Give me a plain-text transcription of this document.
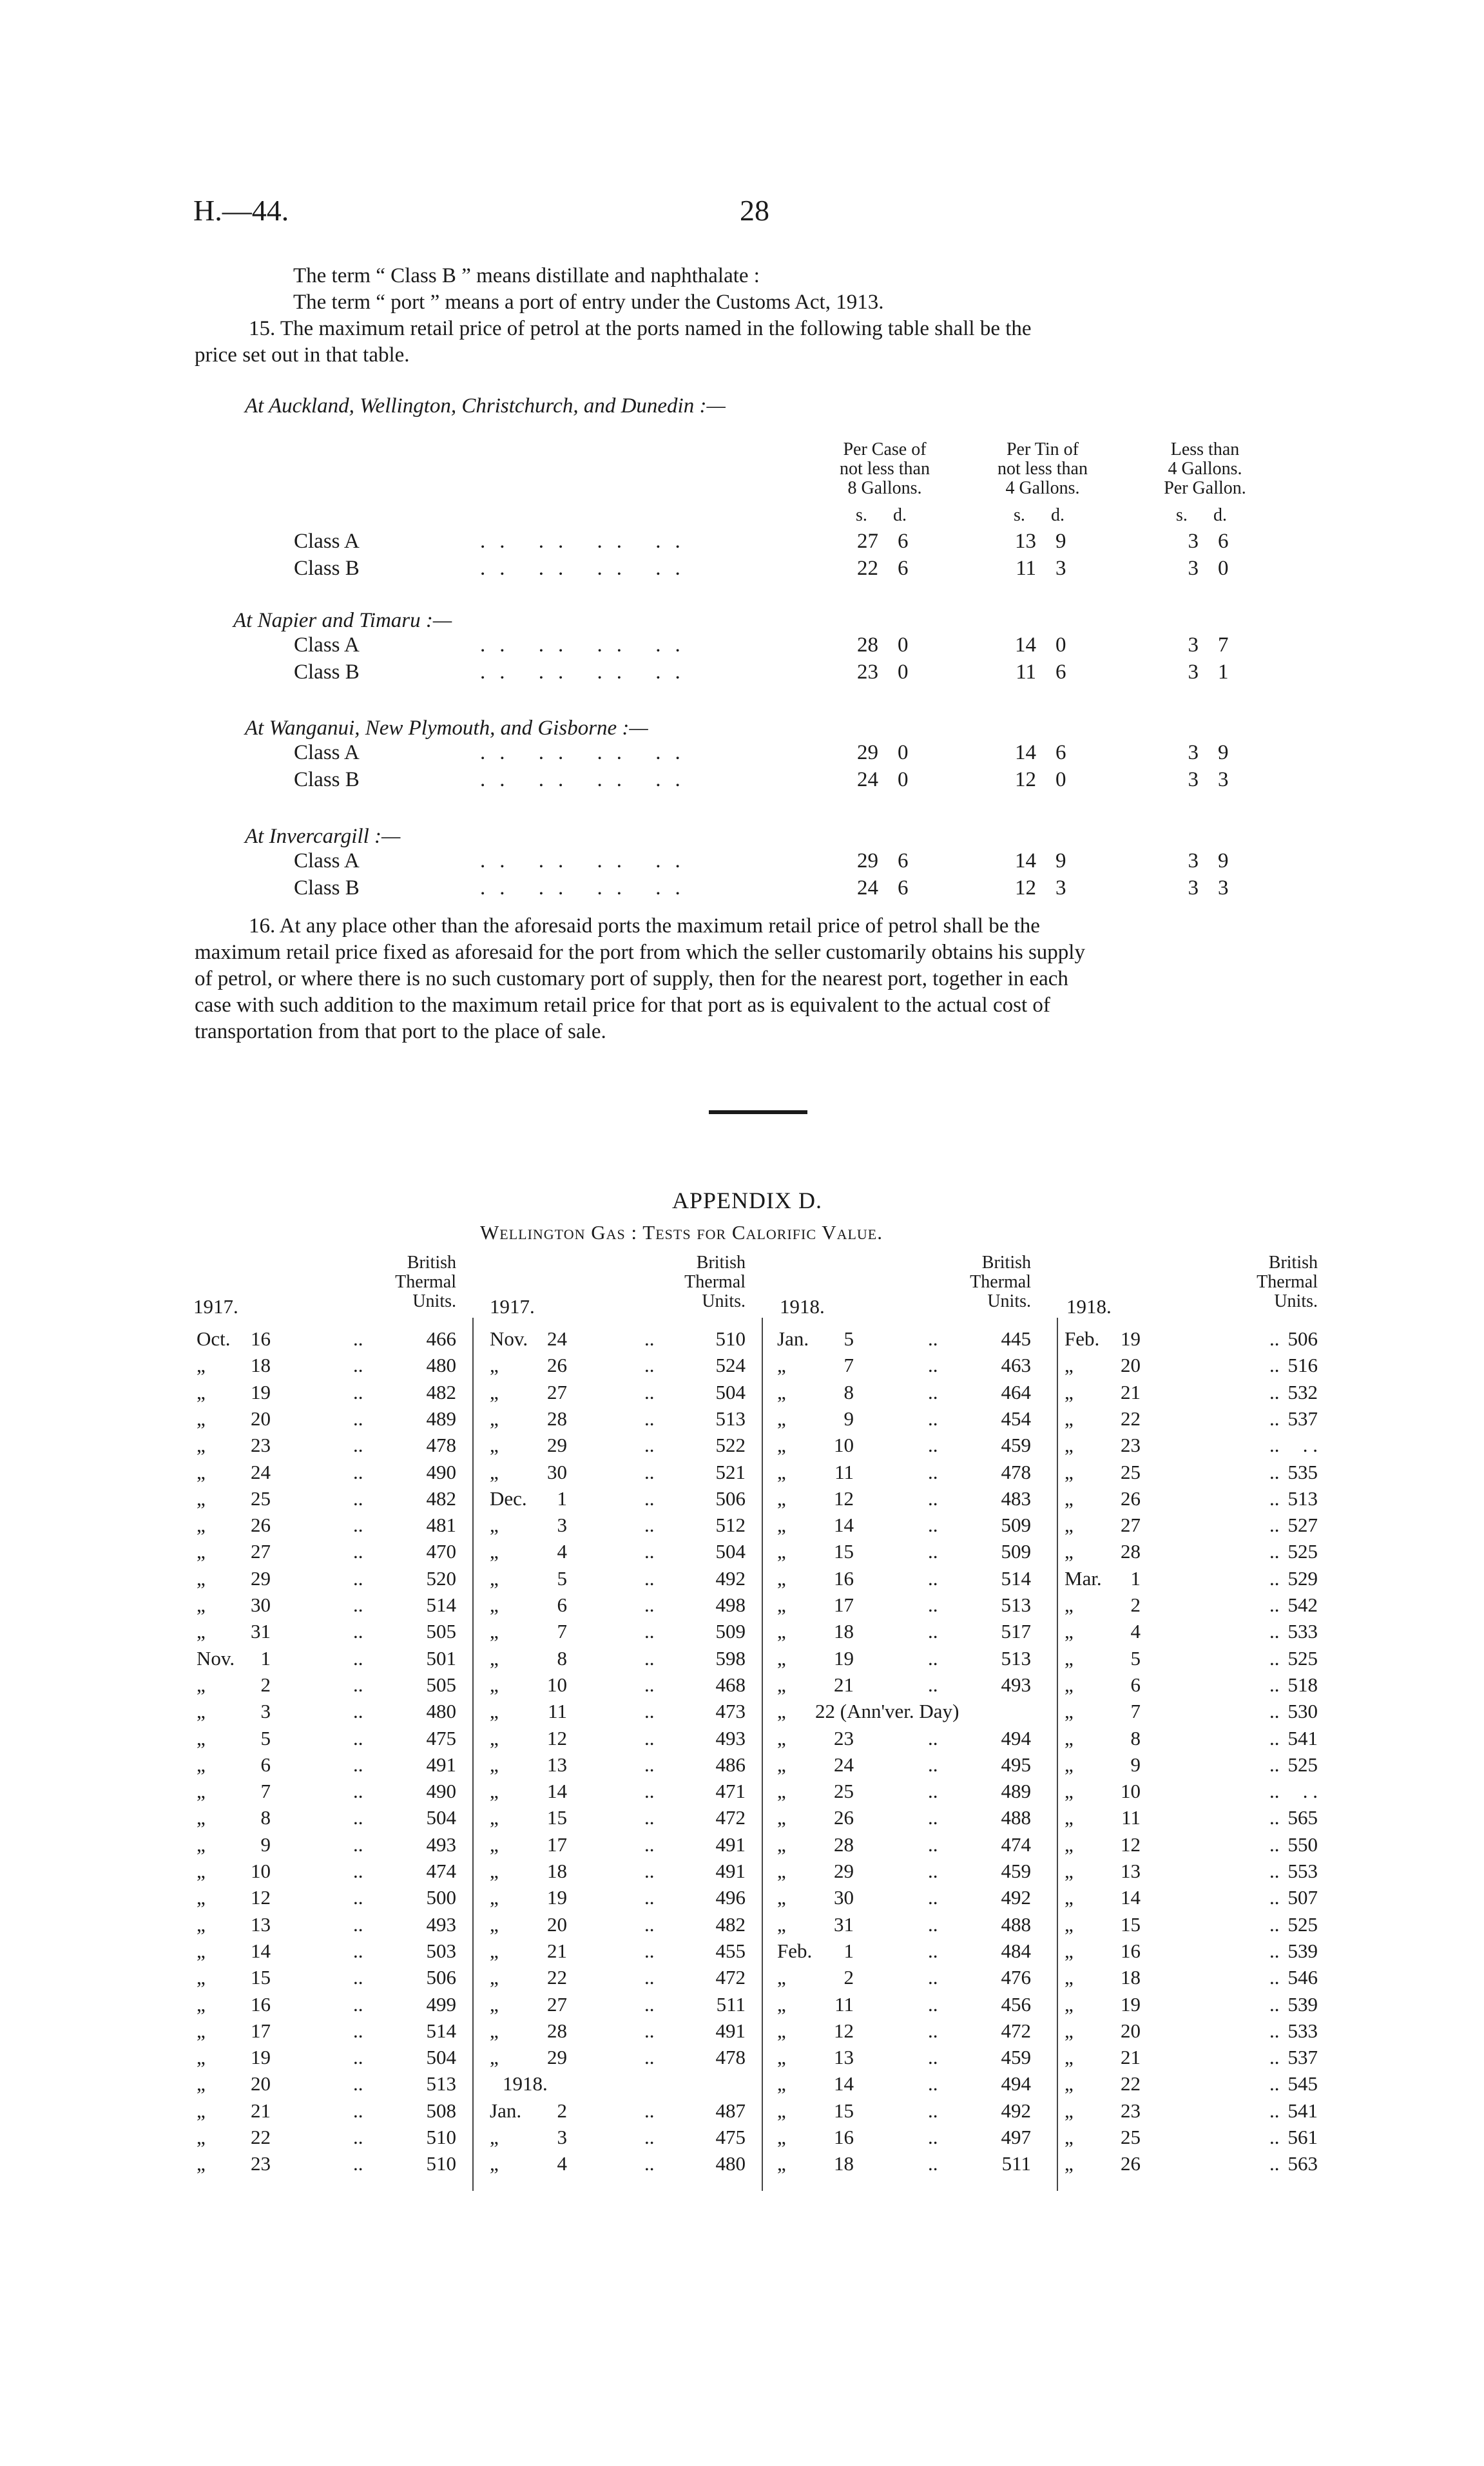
H.—44.	28

The term “ Class B ” means distillate and naphthalate :

The term “ port ” means a port of entry under the Customs Act, 1913.

15. The maximum retail price of petrol at the ports named in the following table shall be the

price set out in that table.

Per Case of
not less than
8 Gallons.
s. d.
Per Tin of
not less than
4 Gallons.
s. d.
Less than
4 Gallons.
Per Gallon.
s. d.
At Auckland, Wellington, Christchurch, and Dunedin :—
Class A	.. .. .. ..	27 6	13 9	3 6
Class B	.. .. .. ..	22 6	11 3	3 0
At Napier and Timaru :—
Class A	.. .. .. ..	28 0	14 0	3 7
Class B	.. .. .. ..	23 0	11 6	3 1
At Wanganui, New Plymouth, and Gisborne :—
Class A	.. .. .. ..	29 0	14 6	3 9
Class B	.. .. .. ..	24 0	12 0	3 3
At Invercargill :—
Class A	.. .. .. ..	29 6	14 9	3 9
Class B	.. .. .. ..	24 6	12 3	3 3

16. At any place other than the aforesaid ports the maximum retail price of petrol shall be the

maximum retail price fixed as aforesaid for the port from which the seller customarily obtains his supply

of petrol, or where there is no such customary port of supply, then for the nearest port, together in each

case with such addition to the maximum retail price for that port as is equivalent to the actual cost of

transportation from that port to the place of sale.

APPENDIX D.
Wellington Gas : Tests for Calorific Value.
British
Thermal
Units.
1917.
Oct.	16	..	466
„	18	..	480
„	19	..	482
„	20	..	489
„	23	..	478
„	24	..	490
„	25	..	482
„	26	..	481
„	27	..	470
„	29	..	520
„	30	..	514
„	31	..	505
Nov.	1	..	501
„	2	..	505
„	3	..	480
„	5	..	475
„	6	..	491
„	7	..	490
„	8	..	504
„	9	..	493
„	10	..	474
„	12	..	500
„	13	..	493
„	14	..	503
„	15	..	506
„	16	..	499
„	17	..	514
„	19	..	504
„	20	..	513
„	21	..	508
„	22	..	510
„	23	..	510
British
Thermal
Units.
1917.
Nov. 24	..	510
„	26	..	524
„	27	..	504
„	28	..	513
„	29	..	522
„	30	..	521
Dec.	1	..	506
„	3	..	512
„	4	..	504
„	5	..	492
„	6	..	498
„	7	..	509
„	8	..	598
„	10	..	468
„	11	..	473
„	12	..	493
„	13	..	486
„	14	..	471
„	15	..	472
„	17	..	491
„	18	..	491
„	19	..	496
„	20	..	482
„	21	..	455
„	22	..	472
„	27	..	511
„	28	..	491
„	29	..	478
1918.
Jan.	2	..	487
„	3	..	475
„	4	..	480
British
Thermal
Units.
1918.
Jan.	5	..	445
„	7	..	463
„	8	..	464
„	9	..	454
„	10	..	459
„	11	..	478
„	12	..	483
„	14	..	509
„	15	..	509
„	16	..	514
„	17	..	513
„	18	..	517
„	19	..	513
„	21	..	493
„ 22 (Ann'ver. Day)
„	23	..	494
„	24	..	495
„	25	..	489
„	26	..	488
„	28	..	474
„	29	..	459
„	30	..	492
„	31	..	488
Feb.	1	..	484
„	2	..	476
„	11	..	456
„	12	..	472
„	13	..	459
„	14	..	494
„	15	..	492
„	16	..	497
„	18	..	511
British
Thermal
Units.
1918.
Feb.	19	.. 506
„	20	.. 516
„	21	.. 532
„	22	.. 537
„	23	..	. .
„	25	.. 535
„	26	.. 513
„	27	.. 527
„	28	.. 525
Mar.	1	.. 529
„	2	.. 542
„	4	.. 533
„	5	.. 525
„	6	.. 518
„	7	.. 530
„	8	.. 541
„	9	.. 525
„	10	..	. .
„	11	.. 565
„	12	.. 550
„	13	.. 553
„	14	.. 507
„	15	.. 525
„	16	.. 539
„	18	.. 546
„	19	.. 539
„	20	.. 533
„	21	.. 537
„	22	.. 545
„	23	.. 541
„	25	.. 561
„	26	.. 563
